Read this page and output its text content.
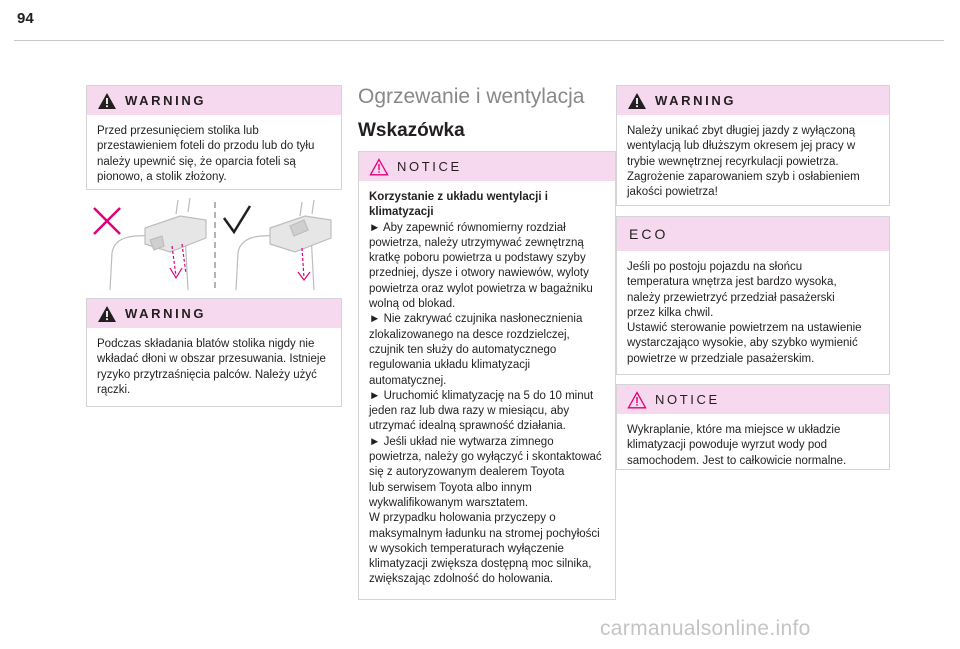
94
WARNING
Przed przesunięciem stolika lub
przestawieniem foteli do przodu lub do tyłu
należy upewnić się, że oparcia foteli są
pionowo, a stolik złożony.
WARNING
Podczas składania blatów stolika nigdy nie
wkładać dłoni w obszar przesuwania. Istnieje
ryzyko przytrzaśnięcia palców. Należy użyć
rączki.
Ogrzewanie i wentylacja
Wskazówka
NOTICE
Korzystanie z układu wentylacji i
klimatyzacji
► Aby zapewnić równomierny rozdział
powietrza, należy utrzymywać zewnętrzną
kratkę poboru powietrza u podstawy szyby
przedniej, dysze i otwory nawiewów, wyloty
powietrza oraz wylot powietrza w bagażniku
wolną od blokad.
► Nie zakrywać czujnika nasłonecznienia
zlokalizowanego na desce rozdzielczej,
czujnik ten służy do automatycznego
regulowania układu klimatyzacji
automatycznej.
► Uruchomić klimatyzację na 5 do 10 minut
jeden raz lub dwa razy w miesiącu, aby
utrzymać idealną sprawność działania.
► Jeśli układ nie wytwarza zimnego
powietrza, należy go wyłączyć i skontaktować
się z autoryzowanym dealerem Toyota
lub serwisem Toyota albo innym
wykwalifikowanym warsztatem.
W przypadku holowania przyczepy o
maksymalnym ładunku na stromej pochyłości
w wysokich temperaturach wyłączenie
klimatyzacji zwiększa dostępną moc silnika,
zwiększając zdolność do holowania.
WARNING
Należy unikać zbyt długiej jazdy z wyłączoną
wentylacją lub dłuższym okresem jej pracy w
trybie wewnętrznej recyrkulacji powietrza.
Zagrożenie zaparowaniem szyb i osłabieniem
jakości powietrza!
ECO
Jeśli po postoju pojazdu na słońcu
temperatura wnętrza jest bardzo wysoka,
należy przewietrzyć przedział pasażerski
przez kilka chwil.
Ustawić sterowanie powietrzem na ustawienie
wystarczająco wysokie, aby szybko wymienić
powietrze w przedziale pasażerskim.
NOTICE
Wykraplanie, które ma miejsce w układzie
klimatyzacji powoduje wyrzut wody pod
samochodem. Jest to całkowicie normalne.
carmanualsonline.info
